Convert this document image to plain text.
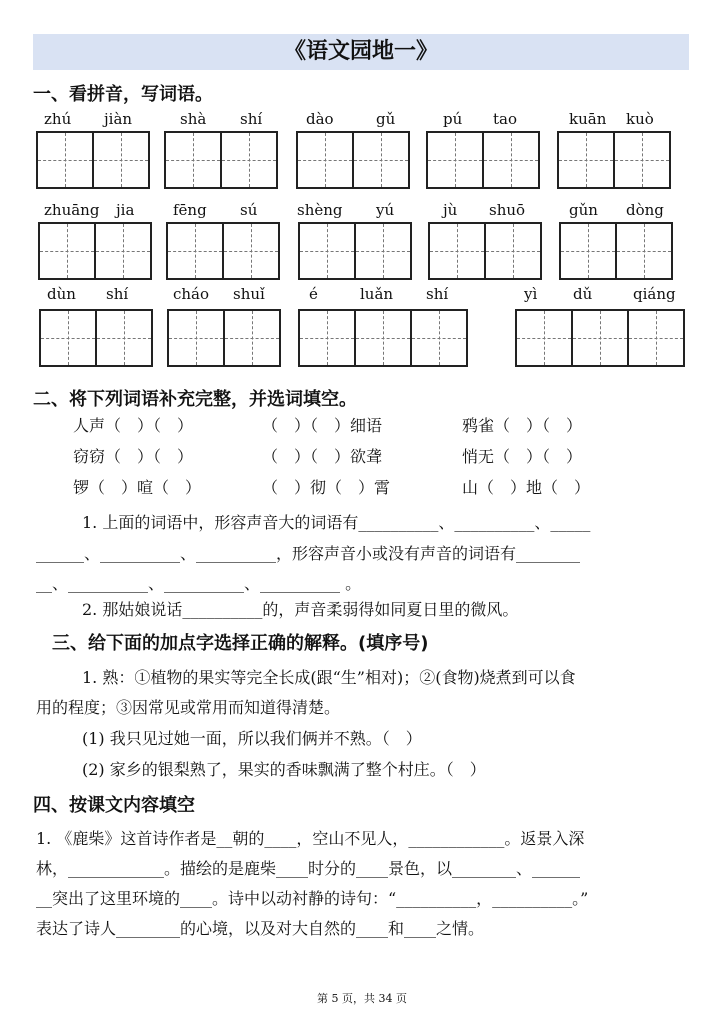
《语文园地一》
一、看拼音，写词语。
zhú jiàn	shà shí	dào	gǔ	pú tao	kuān kuò
zhuāng jia	fēng sú	shèng yú	jù shuō	gǔn dòng
dùn shí	cháo shuǐ	é	luǎn shí	yì dǔ	qiáng
二、将下列词语补充完整，并选词填空。
人声（　）（　）	（　）（　）细语	鸦雀（　）（　）
窃窃（　）（　）	（　）（　）欲聋	悄无（　）（　）
锣（　）喧（　）	（　）彻（　）霄	山（　）地（　）
1. 上面的词语中，形容声音大的词语有__________、__________、_____
______、__________、__________，形容声音小或没有声音的词语有________
__、__________、__________、__________ 。
2. 那姑娘说话__________的，声音柔弱得如同夏日里的微风。
三、给下面的加点字选择正确的解释。(填序号)
1. 熟：①植物的果实等完全长成(跟“生”相对)；②(食物)烧煮到可以食
用的程度；③因常见或常用而知道得清楚。
(1) 我只见过她一面，所以我们俩并不熟。（　）
(2) 家乡的银梨熟了，果实的香味飘满了整个村庄。（　）
四、按课文内容填空
1. 《鹿柴》这首诗作者是__朝的____，空山不见人，____________。返景入深
林，____________。描绘的是鹿柴____时分的____景色，以________、______
__突出了这里环境的____。诗中以动衬静的诗句：“__________，__________。”
表达了诗人________的心境，以及对大自然的____和____之情。
第 5 页，共 34 页
